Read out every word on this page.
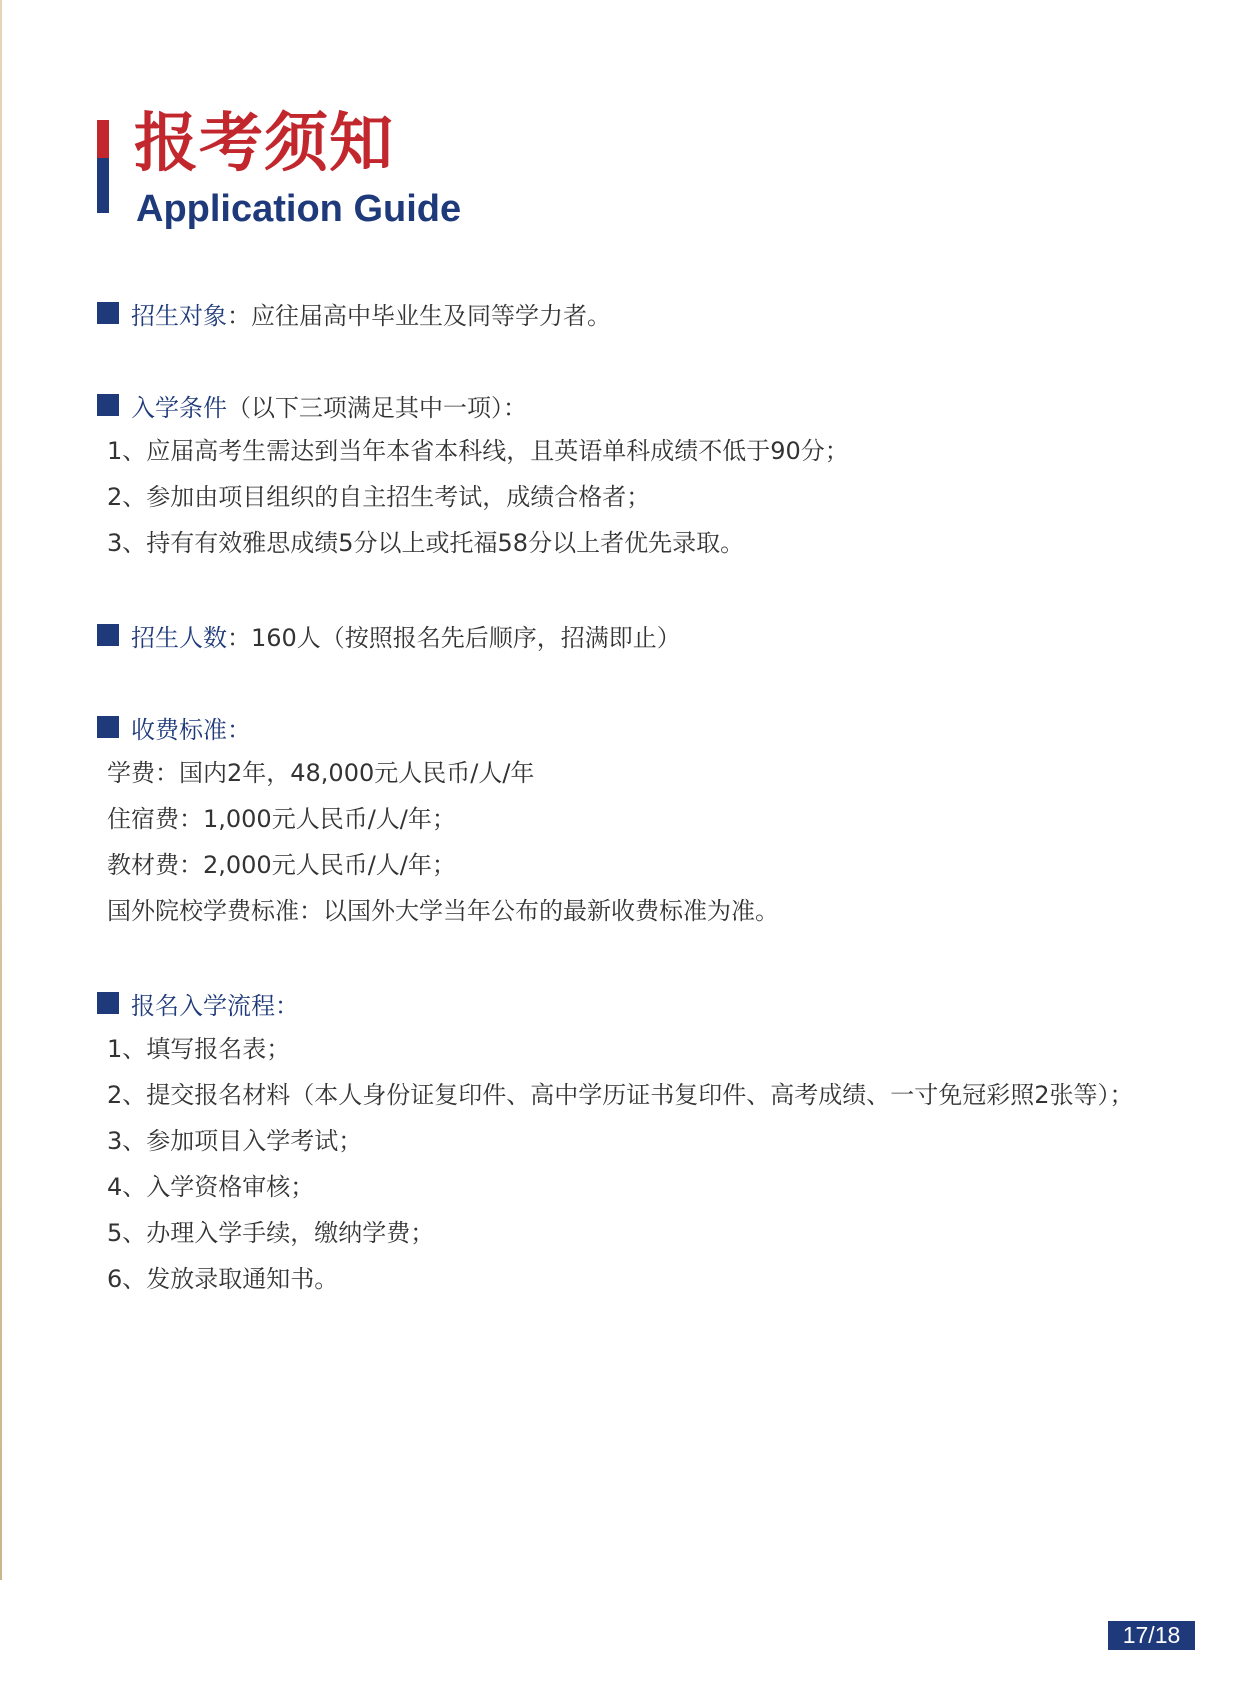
报考须知
Application Guide
招生对象 ：应往届高中毕业生及同等学力者。
入学条件 （以下三项满足其中一项）：
1、应届高考生需达到当年本省本科线，且英语单科成绩不低于90分；
2、参加由项目组织的自主招生考试，成绩合格者；
3、持有有效雅思成绩5分以上或托福58分以上者优先录取。
招生人数 ：160人（按照报名先后顺序，招满即止）
收费标准：
学费：国内2年，48,000元人民币/人/年
住宿费：1,000元人民币/人/年；
教材费：2,000元人民币/人/年；
国外院校学费标准：以国外大学当年公布的最新收费标准为准。
报名入学流程：
1、填写报名表；
2、提交报名材料（本人身份证复印件、高中学历证书复印件、高考成绩、一寸免冠彩照2张等）；
3、参加项目入学考试；
4、入学资格审核；
5、办理入学手续，缴纳学费；
6、发放录取通知书。
17/18
